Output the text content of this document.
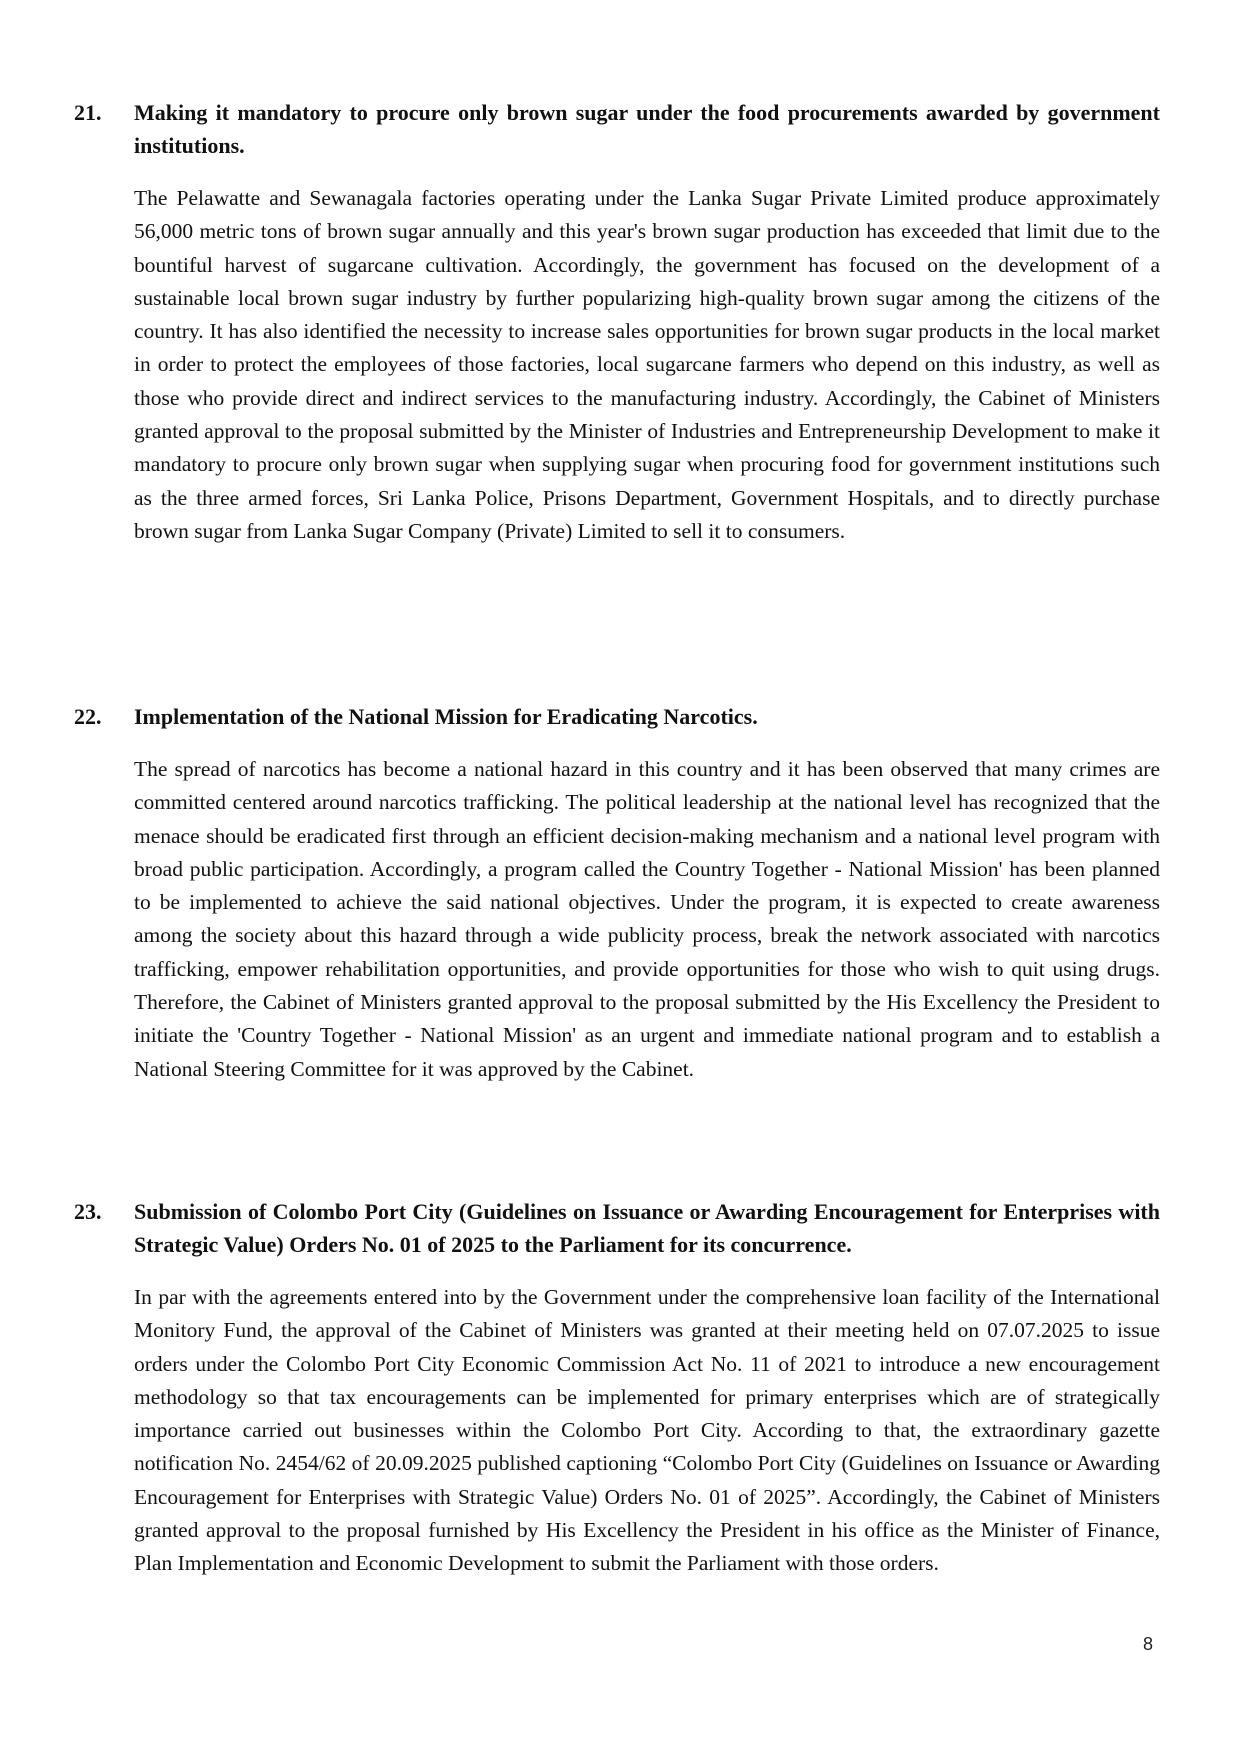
21. Making it mandatory to procure only brown sugar under the food procurements awarded by government institutions.

The Pelawatte and Sewanagala factories operating under the Lanka Sugar Private Limited produce approximately 56,000 metric tons of brown sugar annually and this year's brown sugar production has exceeded that limit due to the bountiful harvest of sugarcane cultivation. Accordingly, the government has focused on the development of a sustainable local brown sugar industry by further popularizing high-quality brown sugar among the citizens of the country. It has also identified the necessity to increase sales opportunities for brown sugar products in the local market in order to protect the employees of those factories, local sugarcane farmers who depend on this industry, as well as those who provide direct and indirect services to the manufacturing industry. Accordingly, the Cabinet of Ministers granted approval to the proposal submitted by the Minister of Industries and Entrepreneurship Development to make it mandatory to procure only brown sugar when supplying sugar when procuring food for government institutions such as the three armed forces, Sri Lanka Police, Prisons Department, Government Hospitals, and to directly purchase brown sugar from Lanka Sugar Company (Private) Limited to sell it to consumers.

22. Implementation of the National Mission for Eradicating Narcotics.

The spread of narcotics has become a national hazard in this country and it has been observed that many crimes are committed centered around narcotics trafficking. The political leadership at the national level has recognized that the menace should be eradicated first through an efficient decision-making mechanism and a national level program with broad public participation. Accordingly, a program called the Country Together - National Mission' has been planned to be implemented to achieve the said national objectives. Under the program, it is expected to create awareness among the society about this hazard through a wide publicity process, break the network associated with narcotics trafficking, empower rehabilitation opportunities, and provide opportunities for those who wish to quit using drugs. Therefore, the Cabinet of Ministers granted approval to the proposal submitted by the His Excellency the President to initiate the 'Country Together - National Mission' as an urgent and immediate national program and to establish a National Steering Committee for it was approved by the Cabinet.

23. Submission of Colombo Port City (Guidelines on Issuance or Awarding Encouragement for Enterprises with Strategic Value) Orders No. 01 of 2025 to the Parliament for its concurrence.

In par with the agreements entered into by the Government under the comprehensive loan facility of the International Monitory Fund, the approval of the Cabinet of Ministers was granted at their meeting held on 07.07.2025 to issue orders under the Colombo Port City Economic Commission Act No. 11 of 2021 to introduce a new encouragement methodology so that tax encouragements can be implemented for primary enterprises which are of strategically importance carried out businesses within the Colombo Port City. According to that, the extraordinary gazette notification No. 2454/62 of 20.09.2025 published captioning “Colombo Port City (Guidelines on Issuance or Awarding Encouragement for Enterprises with Strategic Value) Orders No. 01 of 2025”. Accordingly, the Cabinet of Ministers granted approval to the proposal furnished by His Excellency the President in his office as the Minister of Finance, Plan Implementation and Economic Development to submit the Parliament with those orders.

8
